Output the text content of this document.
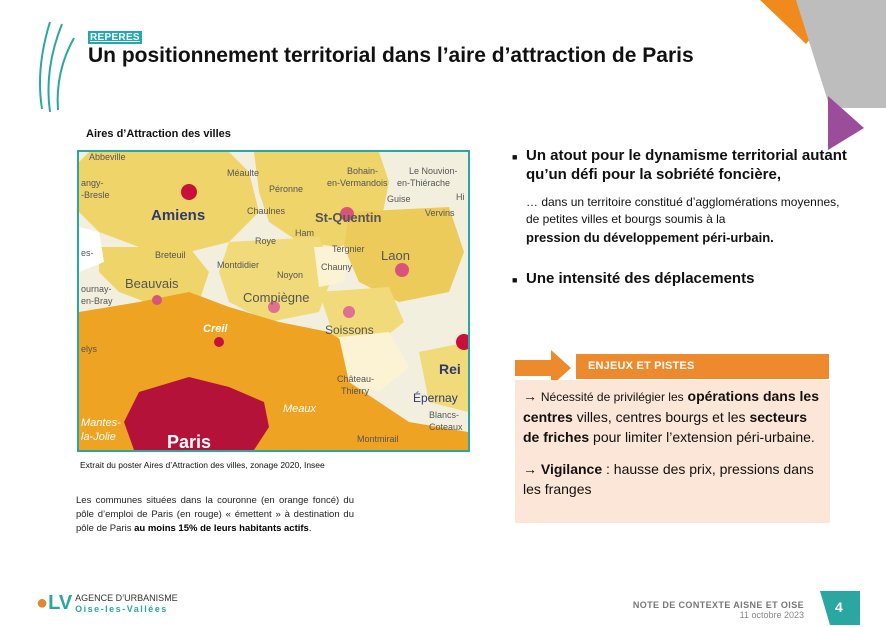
REPERES
Un positionnement territorial dans l’aire d’attraction de Paris
Aires d’Attraction des villes
Abbeville
Méaulte	Bohain-
en-Vermandois
Le Nouvion-
en-Thiérache
Hi
angy-
-Bresle
Péronne
Guise
Chaulnes	Vervins
Ham
Roye
Tergnier
Breteuil
Montdidier	Chauny
es-
Noyon
ournay-
en-Bray
elys
Château-
Thierry
Blancs-
Coteaux
Montmirail
Amiens	St-Quentin
Laon
Beauvais
Compiègne
Soissons
Creil
Rei
Meaux
Épernay
Mantes-
la-Jolie	Paris
Extrait du poster Aires d’Attraction des villes, zonage 2020, Insee
Les communes situées dans la couronne (en orange foncé) du pôle d’emploi de Paris (en rouge) « émettent » à destination du pôle de Paris au moins 15% de leurs habitants actifs.
■ Un atout pour le dynamisme territorial autant qu’un défi pour la sobriété foncière,
… dans un territoire constitué d’agglomérations moyennes, de petites villes et bourgs soumis à la
pression du développement péri-urbain.
■ Une intensité des déplacements
ENJEUX ET PISTES

→ Nécessité de privilégier les opérations dans les centres villes, centres bourgs et les secteurs de friches pour limiter l’extension péri-urbaine.

→ Vigilance : hausse des prix, pressions dans les franges

●LV AGENCE D’URBANISME
Oise-les-Vallées	NOTE DE CONTEXTE AISNE ET OISE
11 octobre 2023 4
